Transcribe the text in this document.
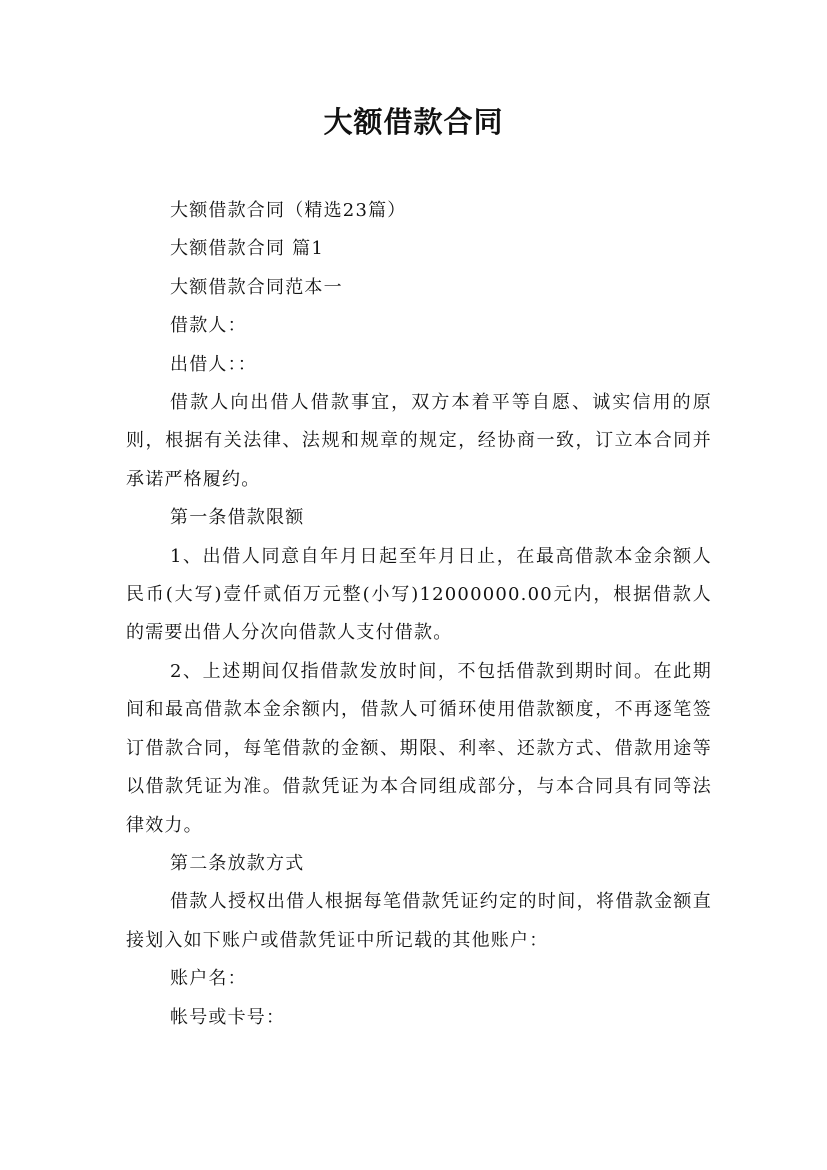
大额借款合同

大额借款合同（精选23篇）

大额借款合同 篇1

大额借款合同范本一

借款人：

出借人：：

借款人向出借人借款事宜，双方本着平等自愿、诚实信用的原则，根据有关法律、法规和规章的规定，经协商一致，订立本合同并承诺严格履约。

第一条借款限额

1、出借人同意自年月日起至年月日止，在最高借款本金余额人民币(大写)壹仟贰佰万元整(小写)12000000.00元内，根据借款人的需要出借人分次向借款人支付借款。

2、上述期间仅指借款发放时间，不包括借款到期时间。在此期间和最高借款本金余额内，借款人可循环使用借款额度，不再逐笔签订借款合同，每笔借款的金额、期限、利率、还款方式、借款用途等以借款凭证为准。借款凭证为本合同组成部分，与本合同具有同等法律效力。

第二条放款方式

借款人授权出借人根据每笔借款凭证约定的时间，将借款金额直接划入如下账户或借款凭证中所记载的其他账户：

账户名：

帐号或卡号：
